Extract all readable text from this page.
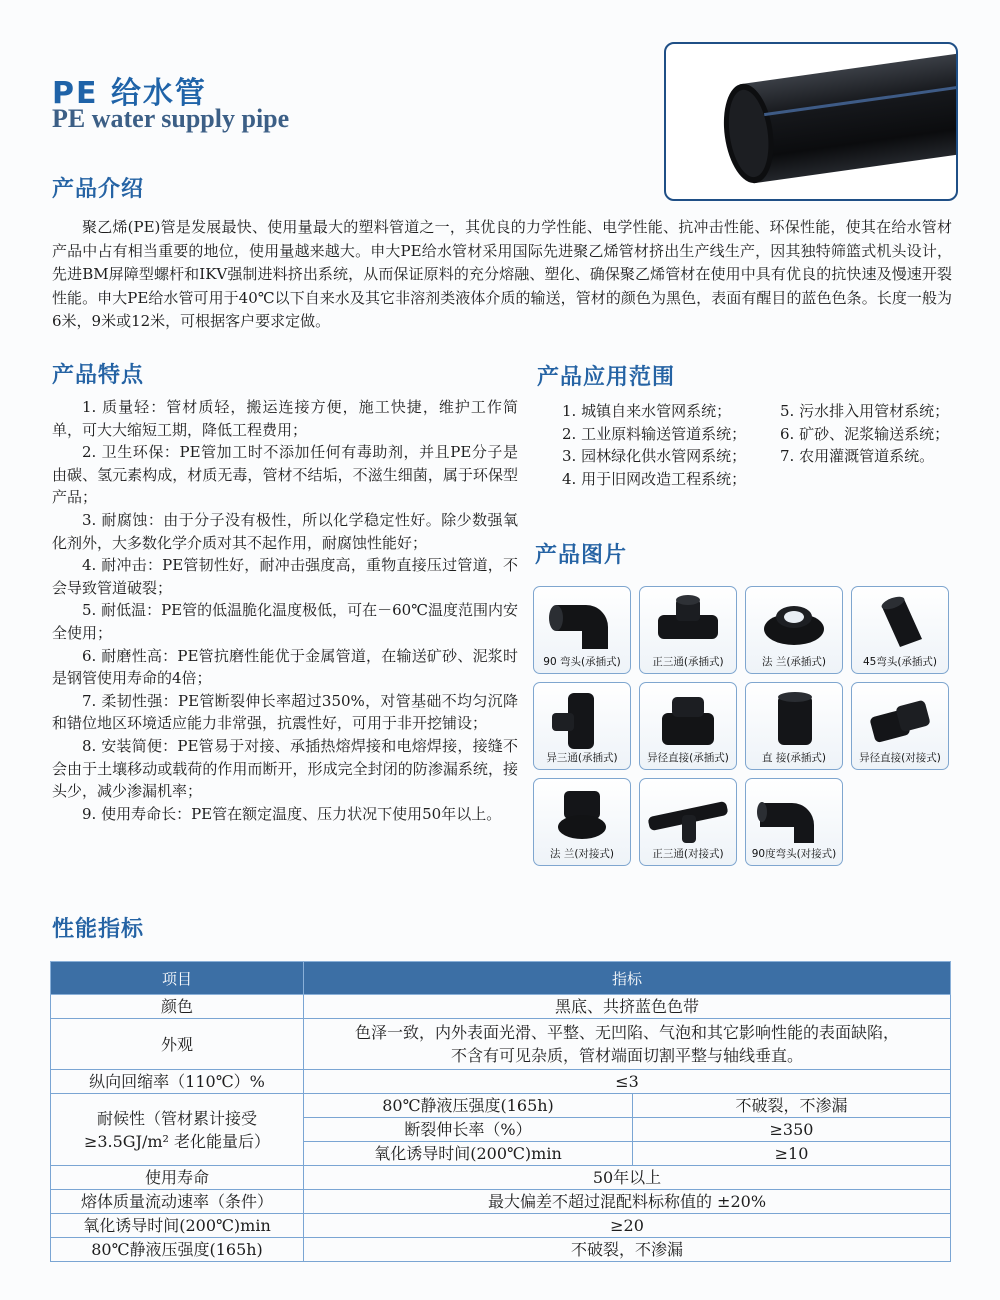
PE 给水管
PE water supply pipe
产品介绍

聚乙烯(PE)管是发展最快、使用量最大的塑料管道之一，其优良的力学性能、电学性能、抗冲击性能、环保性能，使其在给水管材产品中占有相当重要的地位，使用量越来越大。申大PE给水管材采用国际先进聚乙烯管材挤出生产线生产，因其独特筛篮式机头设计，先进BM屏障型螺杆和IKV强制进料挤出系统，从而保证原料的充分熔融、塑化、确保聚乙烯管材在使用中具有优良的抗快速及慢速开裂性能。申大PE给水管可用于40℃以下自来水及其它非溶剂类液体介质的输送，管材的颜色为黑色，表面有醒目的蓝色色条。长度一般为6米，9米或12米，可根据客户要求定做。

产品特点

1. 质量轻：管材质轻，搬运连接方便，施工快捷，维护工作简单，可大大缩短工期，降低工程费用；

2. 卫生环保：PE管加工时不添加任何有毒助剂，并且PE分子是由碳、氢元素构成，材质无毒，管材不结垢，不滋生细菌，属于环保型产品；

3. 耐腐蚀：由于分子没有极性，所以化学稳定性好。除少数强氧化剂外，大多数化学介质对其不起作用，耐腐蚀性能好；

4. 耐冲击：PE管韧性好，耐冲击强度高，重物直接压过管道，不会导致管道破裂；

5. 耐低温：PE管的低温脆化温度极低，可在－60℃温度范围内安全使用；

6. 耐磨性高：PE管抗磨性能优于金属管道，在输送矿砂、泥浆时是钢管使用寿命的4倍；

7. 柔韧性强：PE管断裂伸长率超过350%，对管基础不均匀沉降和错位地区环境适应能力非常强，抗震性好，可用于非开挖铺设；

8. 安装简便：PE管易于对接、承插热熔焊接和电熔焊接，接缝不会由于土壤移动或载荷的作用而断开，形成完全封闭的防渗漏系统，接头少，减少渗漏机率；

9. 使用寿命长：PE管在额定温度、压力状况下使用50年以上。

产品应用范围
1. 城镇自来水管网系统；
2. 工业原料输送管道系统；
3. 园林绿化供水管网系统；
4. 用于旧网改造工程系统；
5. 污水排入用管材系统；
6. 矿砂、泥浆输送系统；
7. 农用灌溉管道系统。
产品图片
90 弯头(承插式)	正三通(承插式)	法 兰(承插式)	45弯头(承插式)
异三通(承插式)	异径直接(承插式)	直 接(承插式)	异径直接(对接式)
法 兰(对接式)	正三通(对接式)	90度弯头(对接式)
性能指标
项目	指标	
颜色	黑底、共挤蓝色色带	
外观	色泽一致，内外表面光滑、平整、无凹陷、气泡和其它影响性能的表面缺陷，
不含有可见杂质，管材端面切割平整与轴线垂直。	

纵向回缩率（110℃）%	≤3	

耐候性（管材累计接受
≥3.5GJ/m² 老化能量后）	80℃静液压强度(165h)	不破裂，不渗漏
	断裂伸长率（%）	≥350
	氧化诱导时间(200℃)min	≥10
使用寿命	50年以上	
熔体质量流动速率（条件）	最大偏差不超过混配料标称值的 ±20%	
氧化诱导时间(200℃)min	≥20	
80℃静液压强度(165h)	不破裂，不渗漏	
